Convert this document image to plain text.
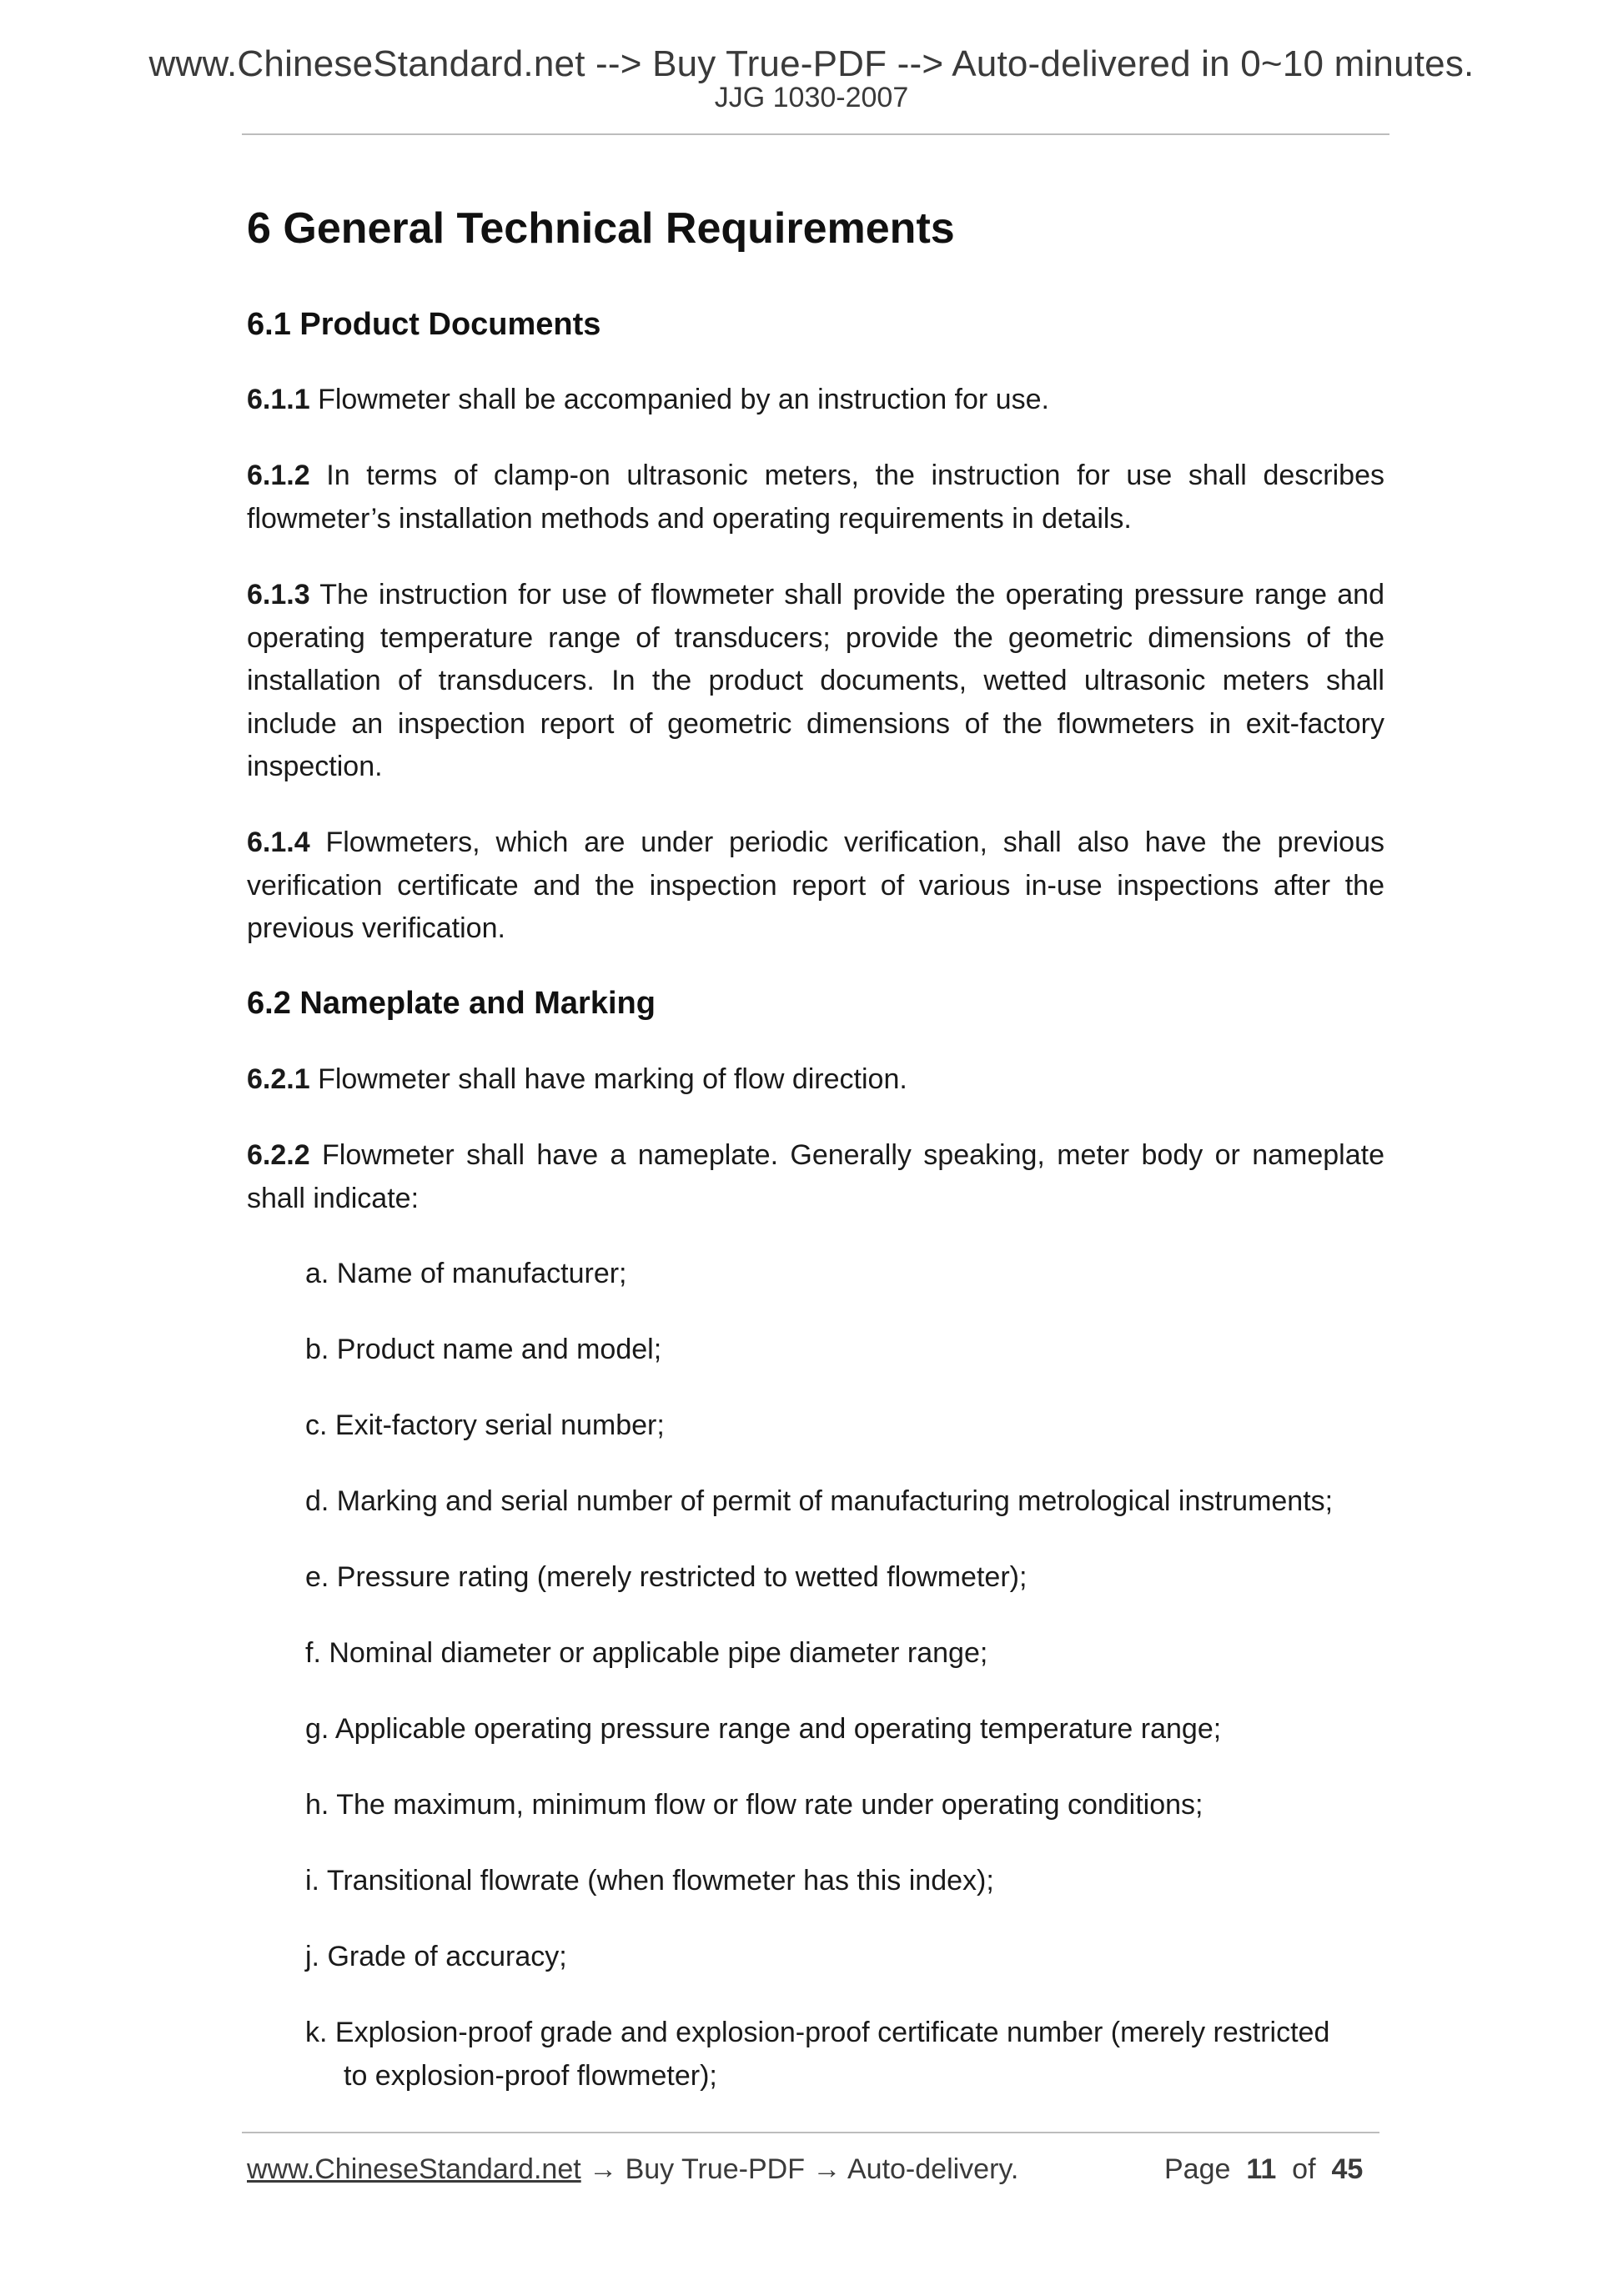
www.ChineseStandard.net --> Buy True-PDF --> Auto-delivered in 0~10 minutes.
JJG 1030-2007
6 General Technical Requirements
6.1 Product Documents
6.1.1 Flowmeter shall be accompanied by an instruction for use.
6.1.2 In terms of clamp-on ultrasonic meters, the instruction for use shall describes flowmeter’s installation methods and operating requirements in details.
6.1.3 The instruction for use of flowmeter shall provide the operating pressure range and operating temperature range of transducers; provide the geometric dimensions of the installation of transducers. In the product documents, wetted ultrasonic meters shall include an inspection report of geometric dimensions of the flowmeters in exit-factory inspection.
6.1.4 Flowmeters, which are under periodic verification, shall also have the previous verification certificate and the inspection report of various in-use inspections after the previous verification.
6.2 Nameplate and Marking
6.2.1 Flowmeter shall have marking of flow direction.
6.2.2 Flowmeter shall have a nameplate. Generally speaking, meter body or nameplate shall indicate:
a. Name of manufacturer;
b. Product name and model;
c. Exit-factory serial number;
d. Marking and serial number of permit of manufacturing metrological instruments;
e. Pressure rating (merely restricted to wetted flowmeter);
f. Nominal diameter or applicable pipe diameter range;
g. Applicable operating pressure range and operating temperature range;
h. The maximum, minimum flow or flow rate under operating conditions;
i. Transitional flowrate (when flowmeter has this index);
j. Grade of accuracy;
k. Explosion-proof grade and explosion-proof certificate number (merely restricted
to explosion-proof flowmeter);
www.ChineseStandard.net → Buy True-PDF → Auto-delivery.	Page 11 of 45
